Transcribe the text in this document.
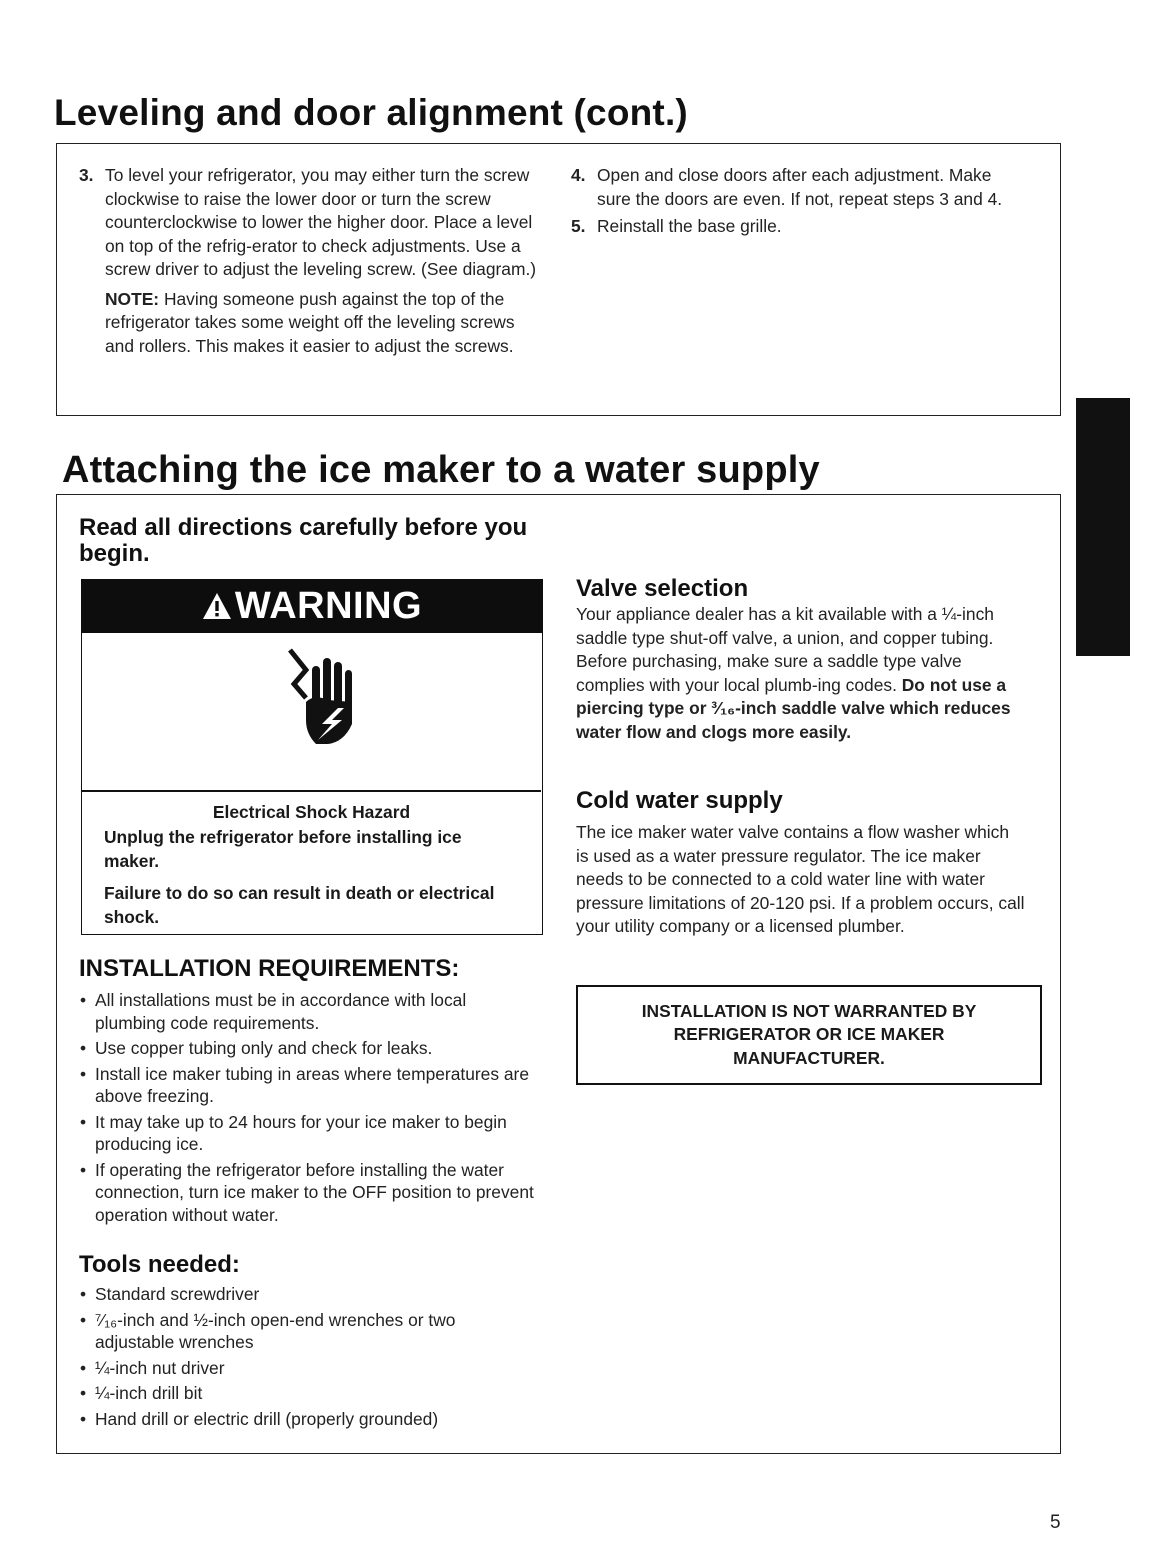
Leveling and door alignment (cont.)

3. To level your refrigerator, you may either turn the screw clockwise to raise the lower door or turn the screw counterclockwise to lower the higher door. Place a level on top of the refrig-erator to check adjustments. Use a screw driver to adjust the leveling screw. (See diagram.)

NOTE: Having someone push against the top of the refrigerator takes some weight off the leveling screws and rollers. This makes it easier to adjust the screws.

4. Open and close doors after each adjustment. Make sure the doors are even. If not, repeat steps 3 and 4.

5. Reinstall the base grille.

Attaching the ice maker to a water supply
Read all directions carefully before you begin.
WARNING
Electrical Shock Hazard
Unplug the refrigerator before installing ice maker.
Failure to do so can result in death or electrical shock.
INSTALLATION REQUIREMENTS:
• All installations must be in accordance with local plumbing code requirements.
• Use copper tubing only and check for leaks.
• Install ice maker tubing in areas where temperatures are above freezing.
• It may take up to 24 hours for your ice maker to begin producing ice.
• If operating the refrigerator before installing the water connection, turn ice maker to the OFF position to prevent operation without water.
Tools needed:
• Standard screwdriver
• ⁷⁄₁₆-inch and ½-inch open-end wrenches or two adjustable wrenches
• ¼-inch nut driver
• ¼-inch drill bit
• Hand drill or electric drill (properly grounded)
Valve selection
Your appliance dealer has a kit available with a ¼-inch saddle type shut-off valve, a union, and copper tubing. Before purchasing, make sure a saddle type valve complies with your local plumb-ing codes. Do not use a piercing type or ³⁄₁₆-inch saddle valve which reduces water flow and clogs more easily.
Cold water supply
The ice maker water valve contains a flow washer which is used as a water pressure regulator. The ice maker needs to be connected to a cold water line with water pressure limitations of 20-120 psi. If a problem occurs, call your utility company or a licensed plumber.
INSTALLATION IS NOT WARRANTED BY REFRIGERATOR OR ICE MAKER MANUFACTURER.
5
